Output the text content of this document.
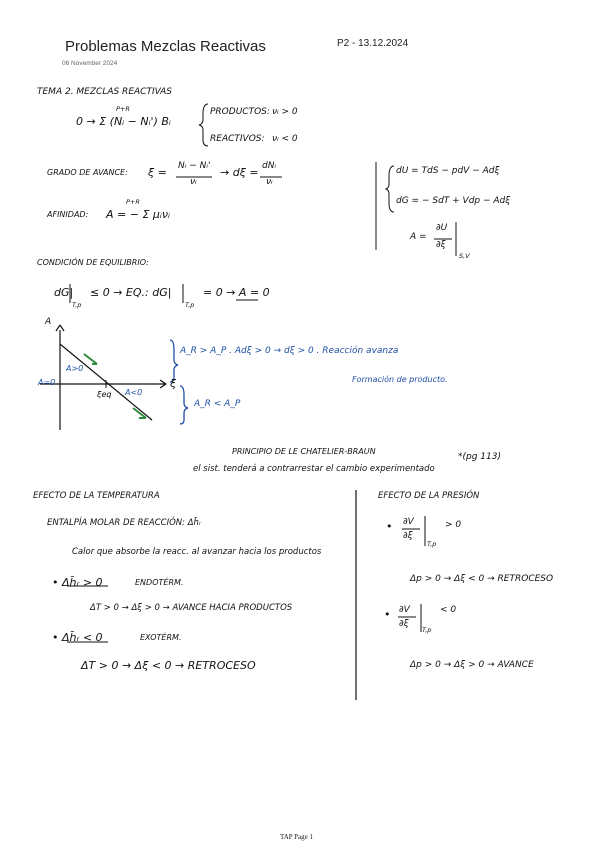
Problemas Mezclas Reactivas	P2 - 13.12.2024
06 November 2024
TEMA 2. MEZCLAS REACTIVAS
P+R
0 → Σ (Nᵢ − Nᵢ') Bᵢ
PRODUCTOS: νᵢ > 0
REACTIVOS: νᵢ < 0
GRADO DE AVANCE: ξ = Nᵢ − Nᵢ'
νᵢ
→ dξ = dNᵢ
νᵢ
AFINIDAD:
P+R
A = − Σ μᵢνᵢ
dU = TdS − pdV − Adξ
dG = − SdT + Vdp − Adξ
A =
∂U
∂ξ
S,V
CONDICIÓN DE EQUILIBRIO:
dG|
T,p
≤ 0 → EQ.: dG|
T,p
= 0 → A = 0
A
ξ
A=0
A>0
A<0
ξeq
A_R > A_P . Adξ > 0 → dξ > 0 . Reacción avanza
Formación de producto.
A_R < A_P
PRINCIPIO DE LE CHATELIER-BRAUN
*(pg 113)
el sist. tenderá a contrarrestar el cambio experimentado
EFECTO DE LA TEMPERATURA
ENTALPÍA MOLAR DE REACCIÓN: Δh̄ᵣ
Calor que absorbe la reacc. al avanzar hacia los productos
• Δh̄ᵣ > 0	ENDOTÉRM.
ΔT > 0 → Δξ > 0 → AVANCE HACIA PRODUCTOS
• Δh̄ᵣ < 0	EXOTÉRM.
ΔT > 0 → Δξ < 0 → RETROCESO
EFECTO DE LA PRESIÓN
• ∂V
∂ξ
T,p
> 0
Δp > 0 → Δξ < 0 → RETROCESO
• ∂V
∂ξ
T,p
< 0
Δp > 0 → Δξ > 0 → AVANCE
TAP Page 1
